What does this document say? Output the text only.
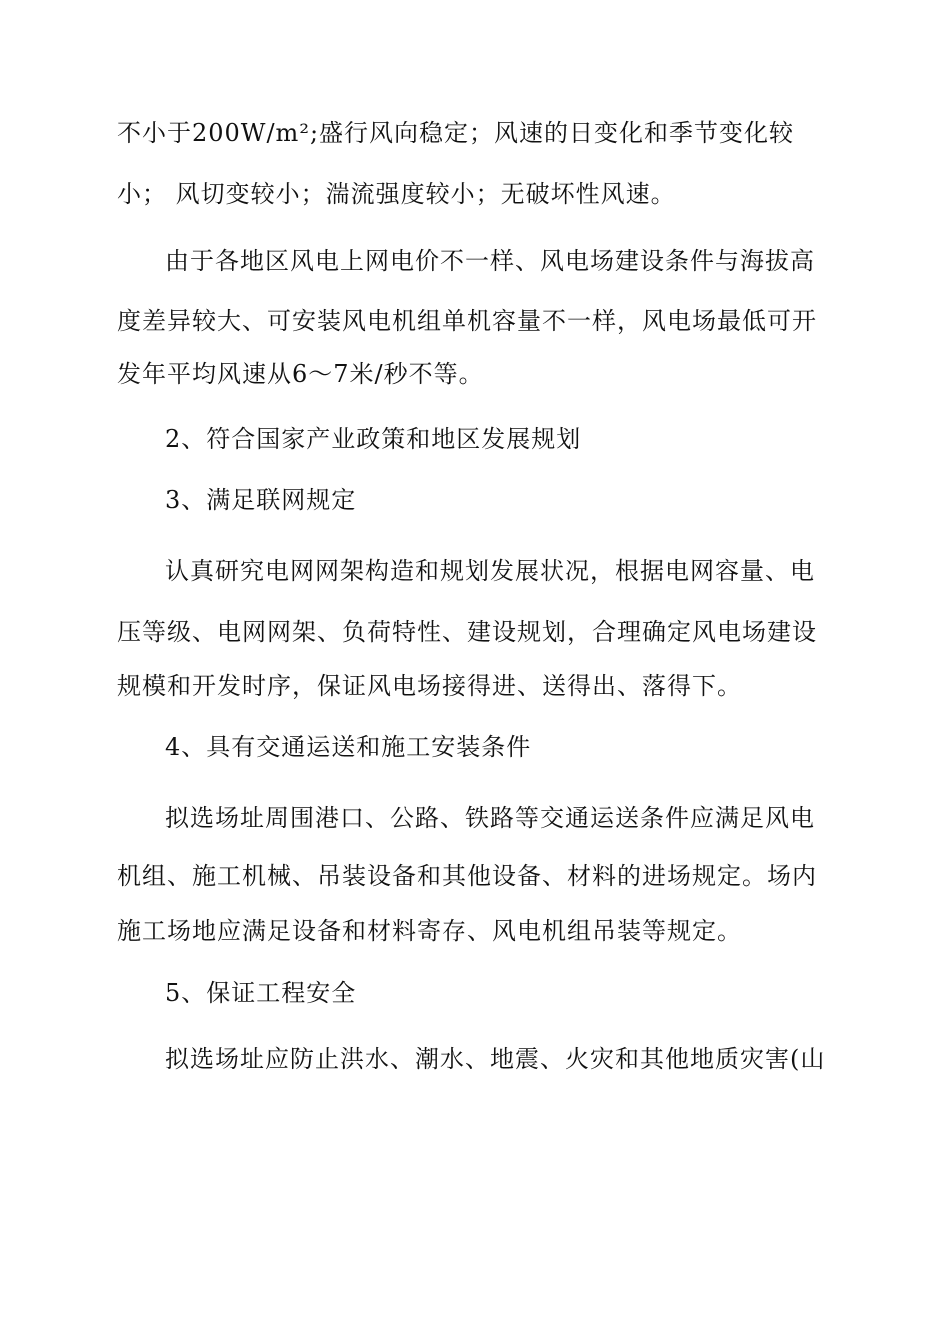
不小于200W/m²;盛行风向稳定；风速的日变化和季节变化较
小； 风切变较小；湍流强度较小；无破坏性风速。
由于各地区风电上网电价不一样、风电场建设条件与海拔高
度差异较大、可安装风电机组单机容量不一样，风电场最低可开
发年平均风速从6～7米/秒不等。
2、符合国家产业政策和地区发展规划
3、满足联网规定
认真研究电网网架构造和规划发展状况，根据电网容量、电
压等级、电网网架、负荷特性、建设规划，合理确定风电场建设
规模和开发时序，保证风电场接得进、送得出、落得下。
4、具有交通运送和施工安装条件
拟选场址周围港口、公路、铁路等交通运送条件应满足风电
机组、施工机械、吊装设备和其他设备、材料的进场规定。场内
施工场地应满足设备和材料寄存、风电机组吊装等规定。
5、保证工程安全
拟选场址应防止洪水、潮水、地震、火灾和其他地质灾害(山
